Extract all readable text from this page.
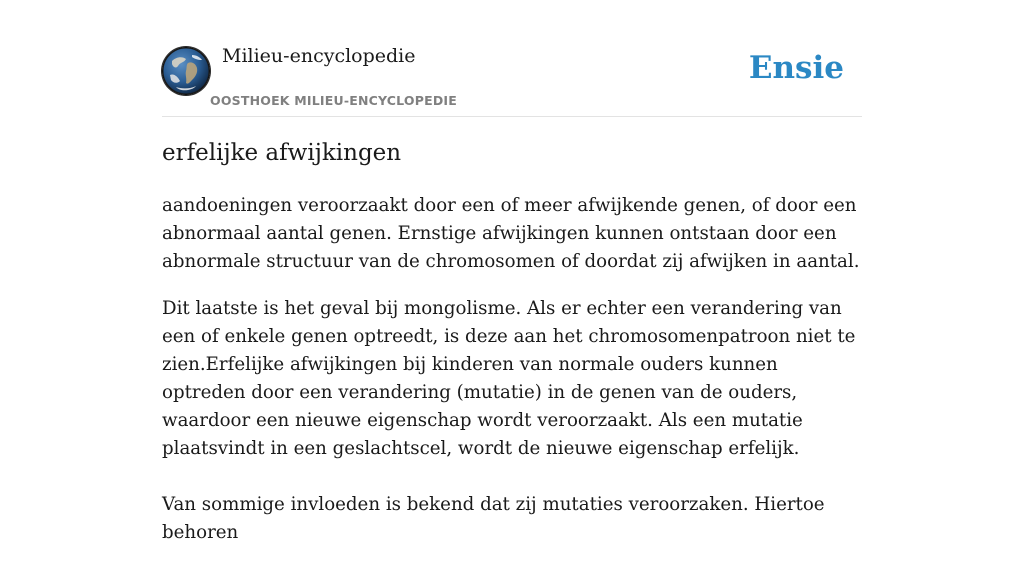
Milieu-encyclopedie
OOSTHOEK MILIEU-ENCYCLOPEDIE
Ensie
erfelijke afwijkingen

aandoeningen veroorzaakt door een of meer afwijkende genen, of door een abnormaal aantal genen. Ernstige afwijkingen kunnen ontstaan door een abnormale structuur van de chromosomen of doordat zij afwijken in aantal.

Dit laatste is het geval bij mongolisme. Als er echter een verandering van een of enkele genen optreedt, is deze aan het chromosomenpatroon niet te zien.Erfelijke afwijkingen bij kinderen van normale ouders kunnen optreden door een verandering (mutatie) in de genen van de ouders, waardoor een nieuwe eigenschap wordt veroorzaakt. Als een mutatie plaatsvindt in een geslachtscel, wordt de nieuwe eigenschap erfelijk.

Van sommige invloeden is bekend dat zij mutaties veroorzaken. Hiertoe behoren
